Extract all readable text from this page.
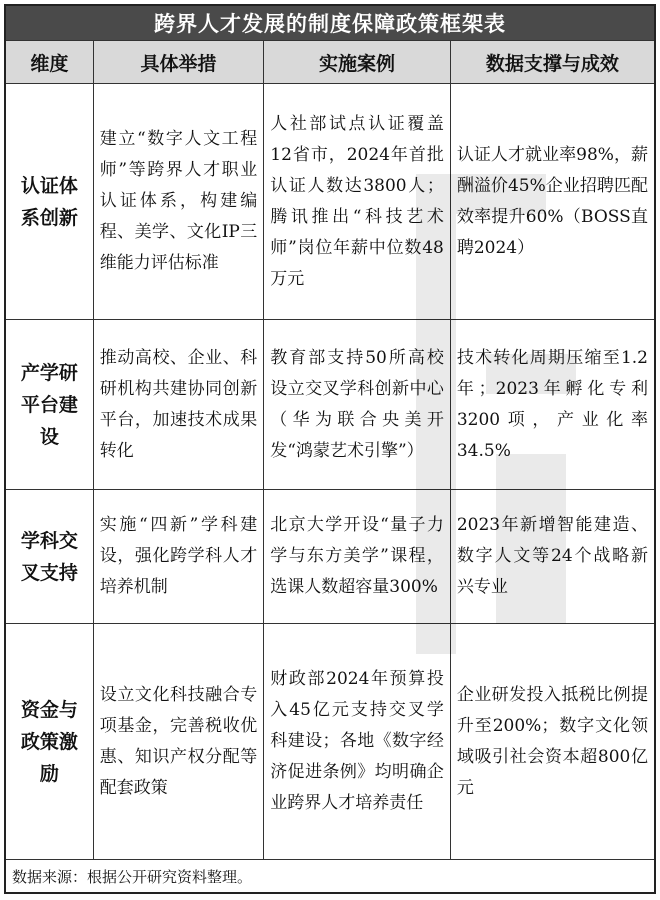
跨界人才发展的制度保障政策框架表			
维度	具体举措	实施案例	数据支撑与成效
认证体系创新	建立“数字人文工程师”等跨界人才职业认证体系，构建编程、美学、文化IP三维能力评估标准	人社部试点认证覆盖12省市，2024年首批认证人数达3800人；腾讯推出“科技艺术师”岗位年薪中位数48万元	认证人才就业率98%，薪酬溢价45%企业招聘匹配效率提升60%（BOSS直聘2024）
产学研平台建设	推动高校、企业、科研机构共建协同创新平台，加速技术成果转化	教育部支持50所高校设立交叉学科创新中心（华为联合央美开发“鸿蒙艺术引擎”）	技术转化周期压缩至1.2年；2023年孵化专利3200项，产业化率34.5%
学科交叉支持	实施“四新”学科建设，强化跨学科人才培养机制	北京大学开设“量子力学与东方美学”课程，选课人数超容量300%	2023年新增智能建造、数字人文等24个战略新兴专业
资金与政策激励	设立文化科技融合专项基金，完善税收优惠、知识产权分配等配套政策	财政部2024年预算投入45亿元支持交叉学科建设；各地《数字经济促进条例》均明确企业跨界人才培养责任	企业研发投入抵税比例提升至200%；数字文化领域吸引社会资本超800亿元
数据来源：根据公开研究资料整理。			
